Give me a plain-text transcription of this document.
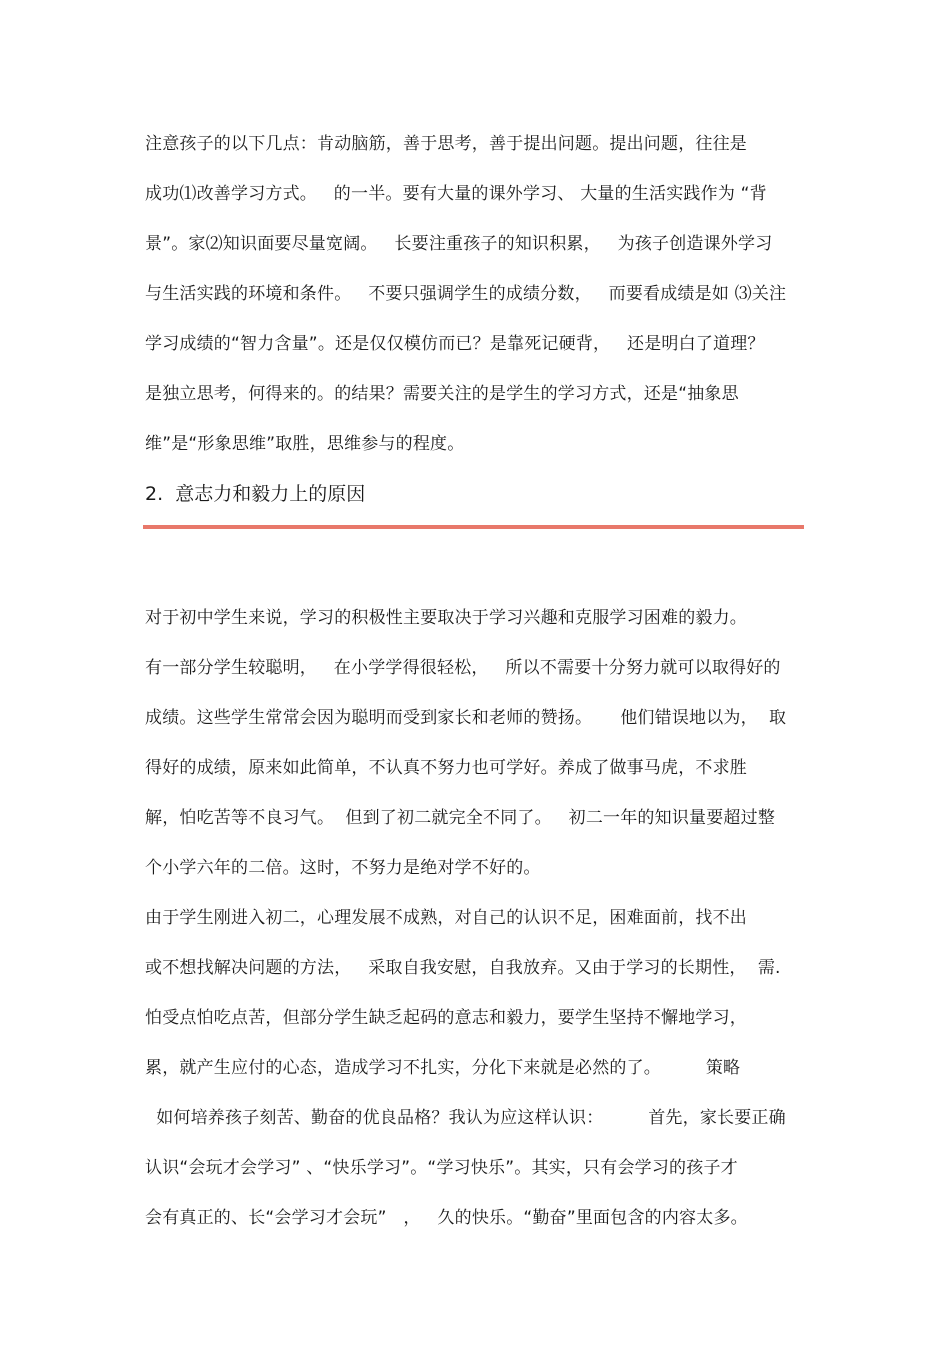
注意孩子的以下几点：肯动脑筋，善于思考，善于提出问题。提出问题，往往是
成功⑴改善学习方式。   的一半。要有大量的课外学习、 大量的生活实践作为 “背
景”。家⑵知识面要尽量宽阔。   长要注重孩子的知识积累，   为孩子创造课外学习
与生活实践的环境和条件。   不要只强调学生的成绩分数，   而要看成绩是如 ⑶关注
学习成绩的“智力含量”。还是仅仅模仿而已？是靠死记硬背，   还是明白了道理？
是独立思考，何得来的。的结果？需要关注的是学生的学习方式，还是“抽象思
维”是“形象思维”取胜，思维参与的程度。
2.  意志力和毅力上的原因
对于初中学生来说，学习的积极性主要取决于学习兴趣和克服学习困难的毅力。
有一部分学生较聪明，   在小学学得很轻松，   所以不需要十分努力就可以取得好的
成绩。这些学生常常会因为聪明而受到家长和老师的赞扬。     他们错误地以为，  取
得好的成绩，原来如此简单，不认真不努力也可学好。养成了做事马虎，不求胜
解，怕吃苦等不良习气。  但到了初二就完全不同了。   初二一年的知识量要超过整
个小学六年的二倍。这时，不努力是绝对学不好的。
由于学生刚进入初二，心理发展不成熟，对自己的认识不足，困难面前，找不出
或不想找解决问题的方法，   采取自我安慰，自我放弃。又由于学习的长期性，  需.
怕受点怕吃点苦，但部分学生缺乏起码的意志和毅力，要学生坚持不懈地学习，
累，就产生应付的心态，造成学习不扎实，分化下来就是必然的了。        策略
如何培养孩子刻苦、勤奋的优良品格？我认为应这样认识：        首先，家长要正确
认识“会玩才会学习” 、“快乐学习”。“学习快乐”。其实，只有会学习的孩子才
会有真正的、长“会学习才会玩”   ，   久的快乐。“勤奋”里面包含的内容太多。
